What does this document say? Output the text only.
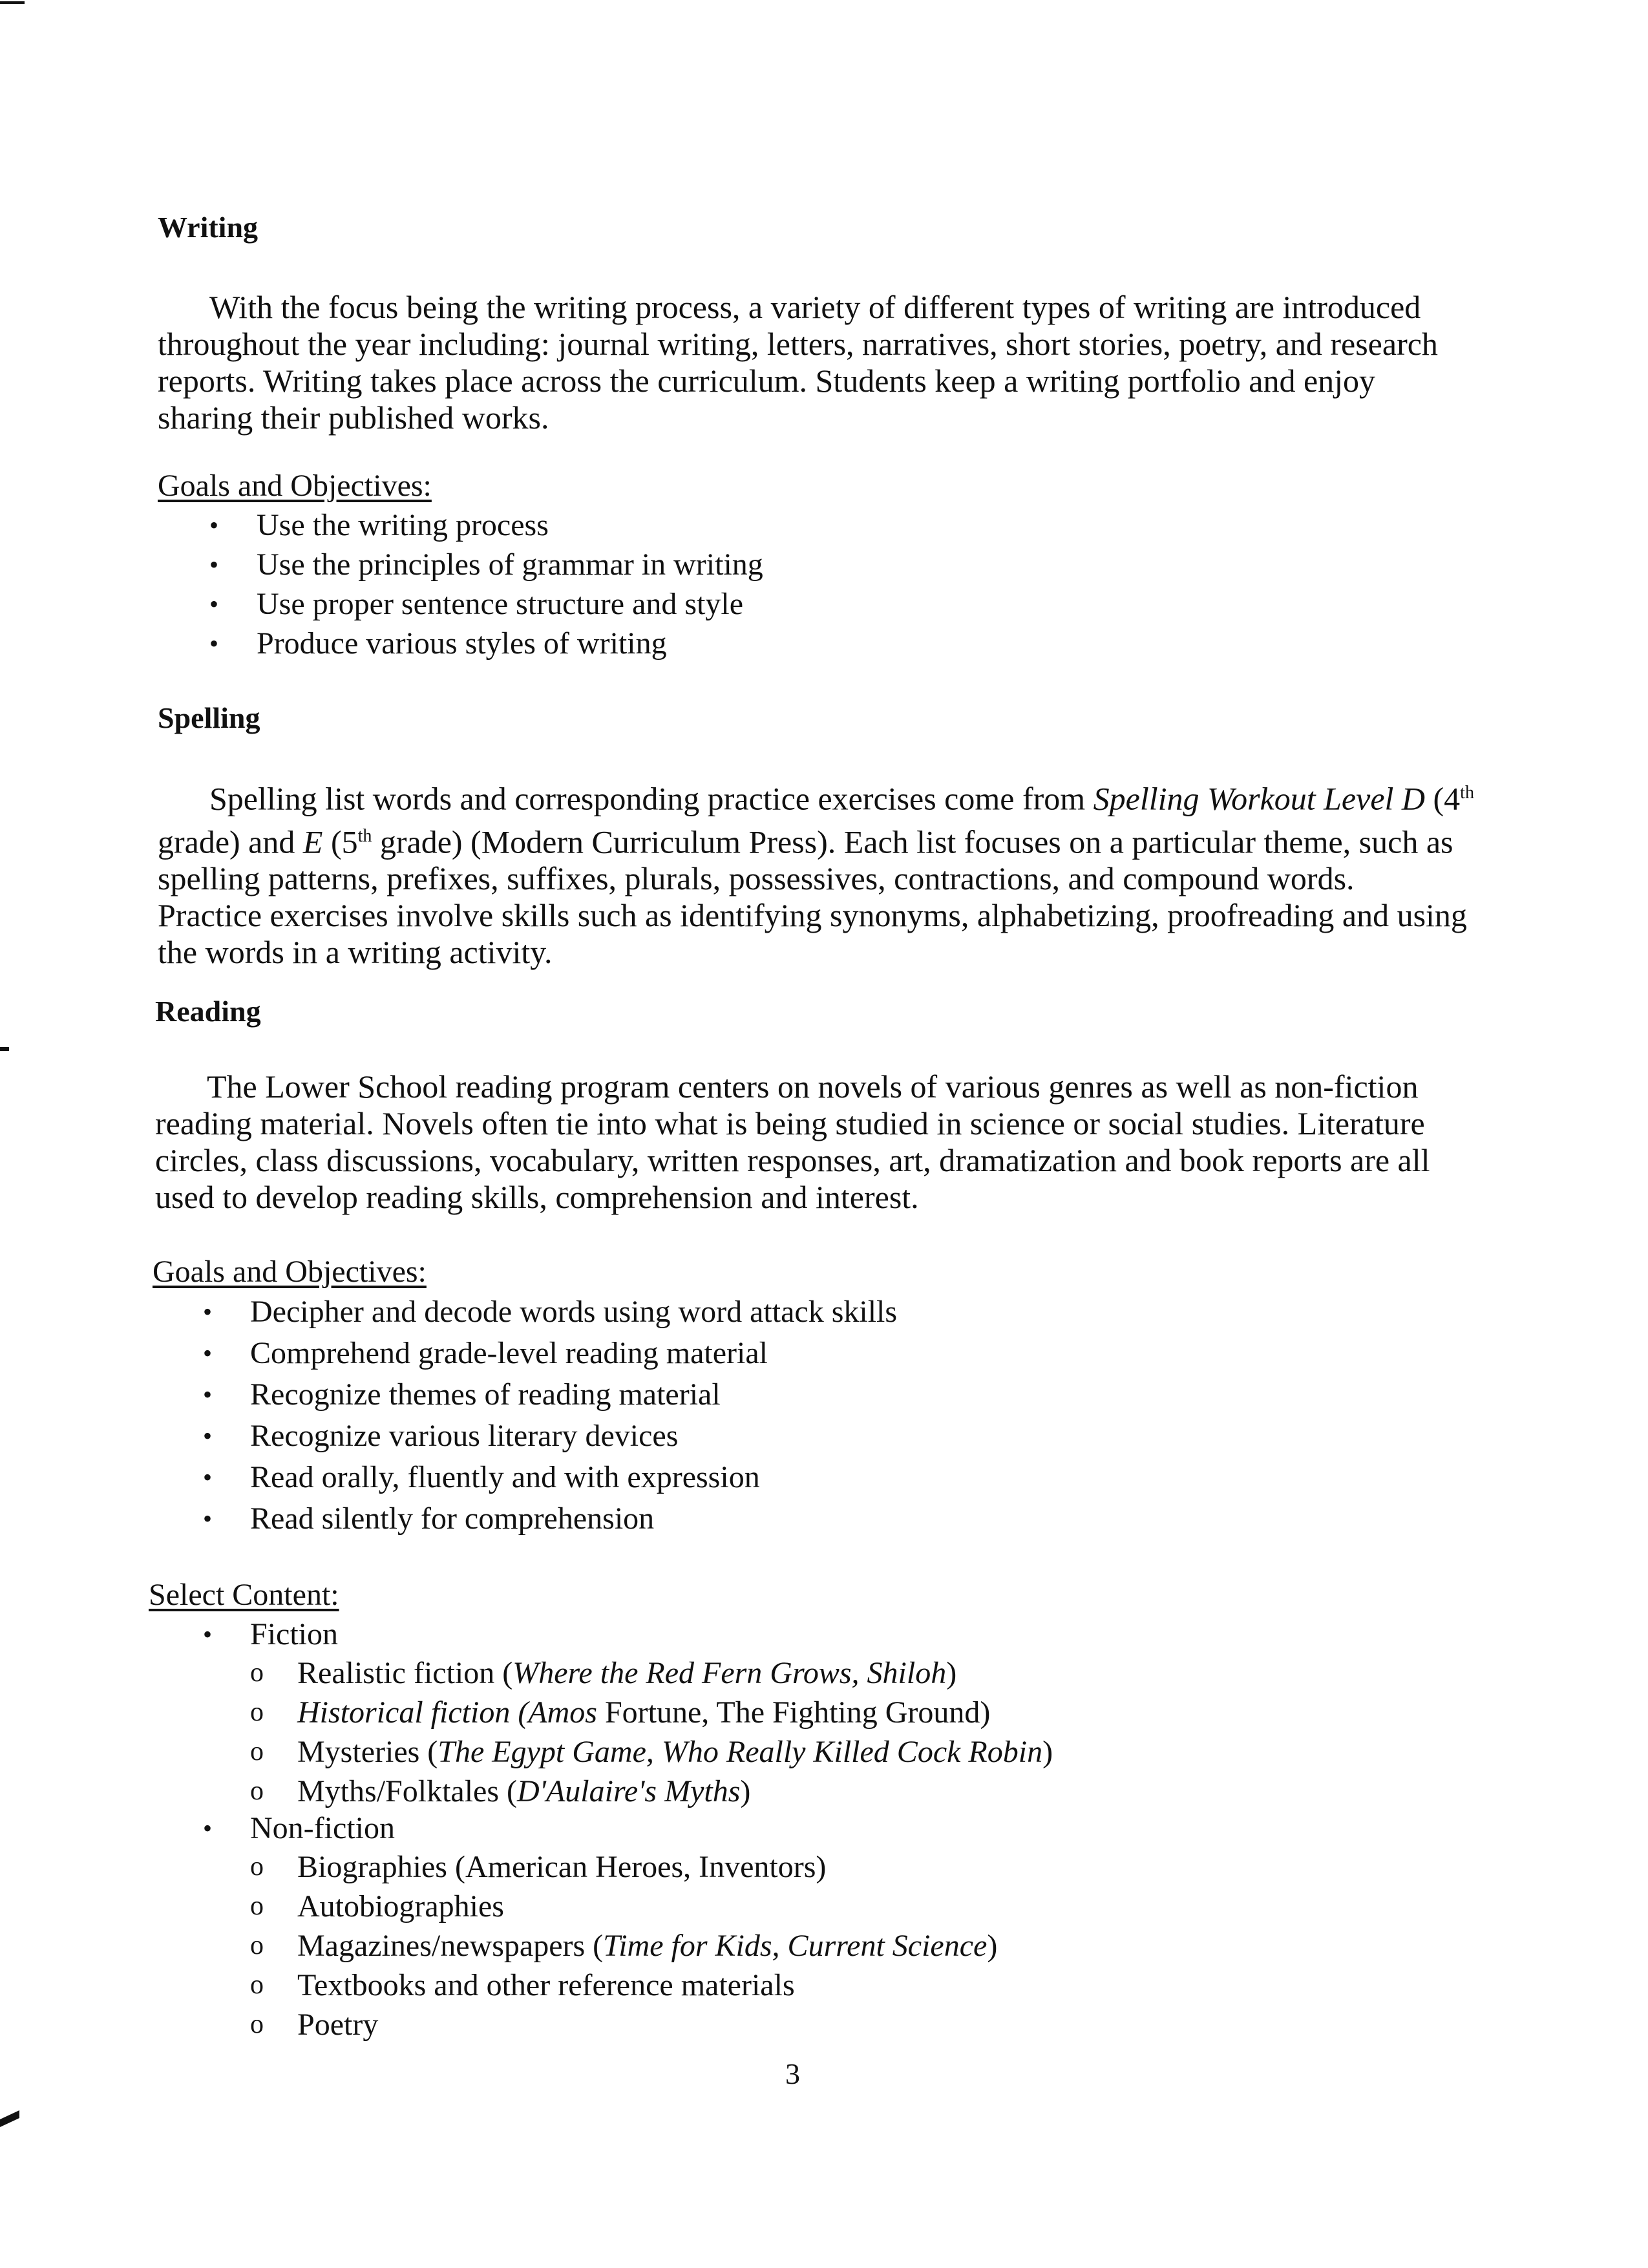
Writing
With the focus being the writing process, a variety of different types of writing are introduced
throughout the year including: journal writing, letters, narratives, short stories, poetry, and research
reports. Writing takes place across the curriculum. Students keep a writing portfolio and enjoy
sharing their published works.
Goals and Objectives:
• Use the writing process
• Use the principles of grammar in writing
• Use proper sentence structure and style
• Produce various styles of writing
Spelling
Spelling list words and corresponding practice exercises come from Spelling Workout Level D (4th
grade) and E (5th grade) (Modern Curriculum Press). Each list focuses on a particular theme, such as
spelling patterns, prefixes, suffixes, plurals, possessives, contractions, and compound words.
Practice exercises involve skills such as identifying synonyms, alphabetizing, proofreading and using
the words in a writing activity.
Reading
The Lower School reading program centers on novels of various genres as well as non-fiction
reading material. Novels often tie into what is being studied in science or social studies. Literature
circles, class discussions, vocabulary, written responses, art, dramatization and book reports are all
used to develop reading skills, comprehension and interest.
Goals and Objectives:
• Decipher and decode words using word attack skills
• Comprehend grade-level reading material
• Recognize themes of reading material
• Recognize various literary devices
• Read orally, fluently and with expression
• Read silently for comprehension
Select Content:
• Fiction
o Realistic fiction (Where the Red Fern Grows, Shiloh)
o Historical fiction (Amos Fortune, The Fighting Ground)
o Mysteries (The Egypt Game, Who Really Killed Cock Robin)
o Myths/Folktales (D'Aulaire's Myths)
• Non-fiction
o Biographies (American Heroes, Inventors)
o Autobiographies
o Magazines/newspapers (Time for Kids, Current Science)
o Textbooks and other reference materials
o Poetry
3
